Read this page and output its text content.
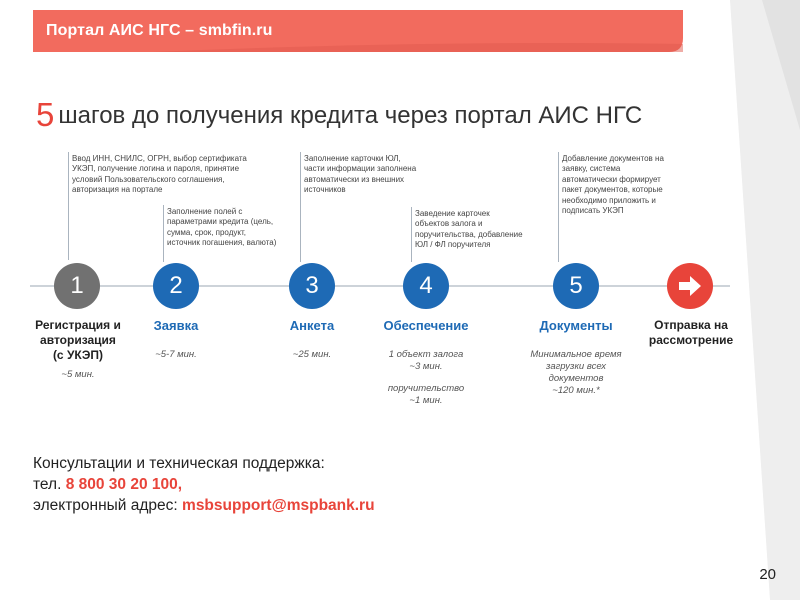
Портал АИС НГС – smbfin.ru
5 шагов до получения кредита через портал АИС НГС
Ввод ИНН, СНИЛС, ОГРН, выбор сертификата
УКЭП, получение логина и пароля, принятие
условий Пользовательского соглашения,
авторизация на портале
Заполнение полей с
параметрами кредита (цель,
сумма, срок, продукт,
источник погашения, валюта)
Заполнение карточки ЮЛ,
части информации заполнена
автоматически из внешних
источников
Заведение карточек
объектов залога и
поручительства, добавление
ЮЛ / ФЛ поручителя
Добавление документов на
заявку, система
автоматически формирует
пакет документов, которые
необходимо приложить и
подписать УКЭП
1	2	3	4	5
Регистрация и
авторизация
(с УКЭП)
Заявка	Анкета	Обеспечение	Документы	Отправка на
рассмотрение
~5 мин.
~5-7 мин.	~25 мин.	1 объект залога
~3 мин.
поручительство
~1 мин.
Минимальное время
загрузки всех
документов
~120 мин.*
Консультации и техническая поддержка:
тел. 8 800 30 20 100,
электронный адрес: msbsupport@mspbank.ru
20
